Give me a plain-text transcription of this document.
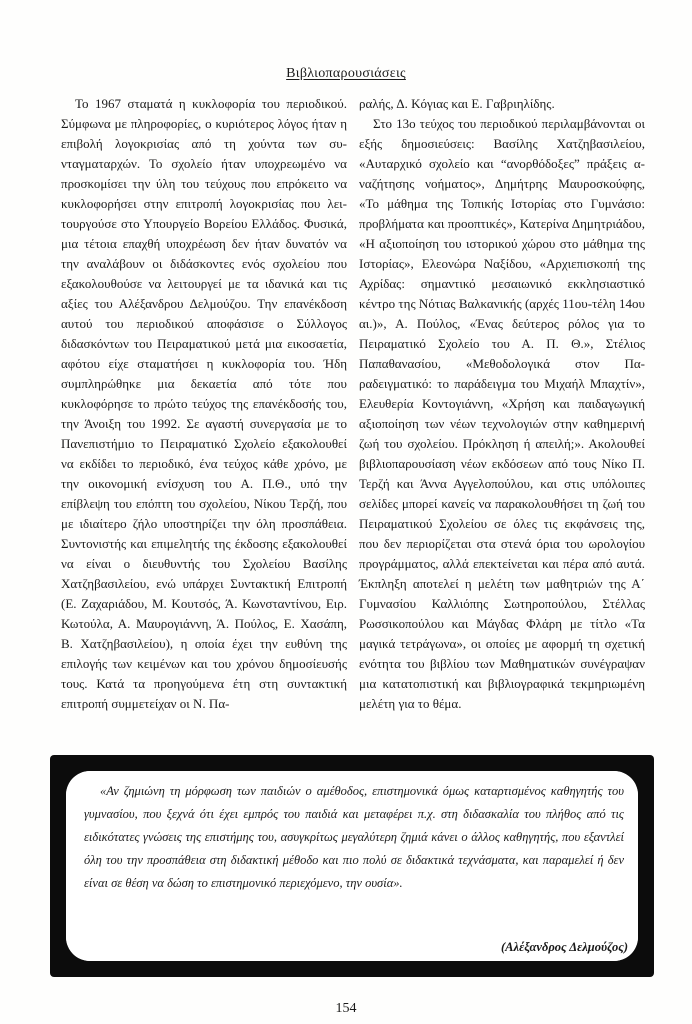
Βιβλιοπαρουσιάσεις

Το 1967 σταματά η κυκλοφορία του περιοδικού. Σύμφωνα με πληροφορίες, ο κυριότερος λόγος ήταν η επιβολή λογοκρισίας από τη χούντα των συνταγματαρχών. Το σχολείο ήταν υποχρεωμένο να προσκομίσει την ύλη του τεύχους που επρόκειτο να κυκλοφορήσει στην επιτροπή λογοκρισίας που λειτουργούσε στο Υπουργείο Βορείου Ελλάδος. Φυσικά, μια τέτοια επαχθή υποχρέωση δεν ήταν δυνατόν να την αναλάβουν οι διδάσκοντες ενός σχολείου που εξακολουθούσε να λειτουργεί με τα ιδανικά και τις αξίες του Αλέξανδρου Δελμούζου. Την επανέκδοση αυτού του περιοδικού αποφάσισε ο Σύλλογος διδασκόντων του Πειραματικού μετά μια εικοσαετία, αφότου είχε σταματήσει η κυκλοφορία του. Ήδη συμπληρώθηκε μια δεκαετία από τότε που κυκλοφόρησε το πρώτο τεύχος της επανέκδοσής του, την Άνοιξη του 1992. Σε αγαστή συνεργασία με το Πανεπιστήμιο το Πειραματικό Σχολείο εξακολουθεί να εκδίδει το περιοδικό, ένα τεύχος κάθε χρόνο, με την οικονομική ενίσχυση του Α. Π.Θ., υπό την επίβλεψη του επόπτη του σχολείου, Νίκου Τερζή, που με ιδιαίτερο ζήλο υποστηρίζει την όλη προσπάθεια. Συντονιστής και επιμελητής της έκδοσης εξακολουθεί να είναι ο διευθυντής του Σχολείου Βασίλης Χατζηβασιλείου, ενώ υπάρχει Συντακτική Επιτροπή (Ε. Ζαχαριάδου, Μ. Κουτσός, Ά. Κωνσταντίνου, Ειρ. Κωτούλα, Α. Μαυρογιάννη, Ά. Πούλος, Ε. Χασάπη, Β. Χατζηβασιλείου), η οποία έχει την ευθύνη της επιλογής των κειμένων και του χρόνου δημοσίευσής τους. Κατά τα προηγούμενα έτη στη συντακτική επιτροπή συμμετείχαν οι Ν. Πα-

ραλής, Δ. Κόγιας και Ε. Γαβριηλίδης.

Στο 13ο τεύχος του περιοδικού περιλαμβάνονται οι εξής δημοσιεύσεις: Βασίλης Χατζηβασιλείου, «Αυταρχικό σχολείο και “ανορθόδοξες” πράξεις αναζήτησης νοήματος», Δημήτρης Μαυροσκούφης, «Το μάθημα της Τοπικής Ιστορίας στο Γυμνάσιο: προβλήματα και προοπτικές», Κατερίνα Δημητριάδου, «Η αξιοποίηση του ιστορικού χώρου στο μάθημα της Ιστορίας», Ελεονώρα Ναξίδου, «Αρχιεπισκοπή της Αχρίδας: σημαντικό μεσαιωνικό εκκλησιαστικό κέντρο της Νότιας Βαλκανικής (αρχές 11ου-τέλη 14ου αι.)», Α. Πούλος, «Ένας δεύτερος ρόλος για το Πειραματικό Σχολείο του Α. Π. Θ.», Στέλιος Παπαθανασίου, «Μεθοδολογικά στον Παραδειγματικό: το παράδειγμα του Μιχαήλ Μπαχτίν», Ελευθερία Κοντογιάννη, «Χρήση και παιδαγωγική αξιοποίηση των νέων τεχνολογιών στην καθημερινή ζωή του σχολείου. Πρόκληση ή απειλή;». Ακολουθεί βιβλιοπαρουσίαση νέων εκδόσεων από τους Νίκο Π. Τερζή και Άννα Αγγελοπούλου, και στις υπόλοιπες σελίδες μπορεί κανείς να παρακολουθήσει τη ζωή του Πειραματικού Σχολείου σε όλες τις εκφάνσεις της, που δεν περιορίζεται στα στενά όρια του ωρολογίου προγράμματος, αλλά επεκτείνεται και πέρα από αυτά. Έκπληξη αποτελεί η μελέτη των μαθητριών της Α΄ Γυμνασίου Καλλιόπης Σωτηροπούλου, Στέλλας Ρωσσικοπούλου και Μάγδας Φλάρη με τίτλο «Τα μαγικά τετράγωνα», οι οποίες με αφορμή τη σχετική ενότητα του βιβλίου των Μαθηματικών συνέγραψαν μια κατατοπιστική και βιβλιογραφικά τεκμηριωμένη μελέτη για το θέμα.

«Αν ζημιώνη τη μόρφωση των παιδιών ο αμέθοδος, επιστημονικά όμως καταρτισμένος καθηγητής του γυμνασίου, που ξεχνά ότι έχει εμπρός του παιδιά και μεταφέρει π.χ. στη διδασκαλία του πλήθος από τις ειδικότατες γνώσεις της επιστήμης του, ασυγκρίτως μεγαλύτερη ζημιά κάνει ο άλλος καθηγητής, που εξαντλεί όλη του την προσπάθεια στη διδακτική μέθοδο και πιο πολύ σε διδακτικά τεχνάσματα, και παραμελεί ή δεν είναι σε θέση να δώση το επιστημονικό περιεχόμενο, την ουσία».

(Αλέξανδρος Δελμούζος)
154
